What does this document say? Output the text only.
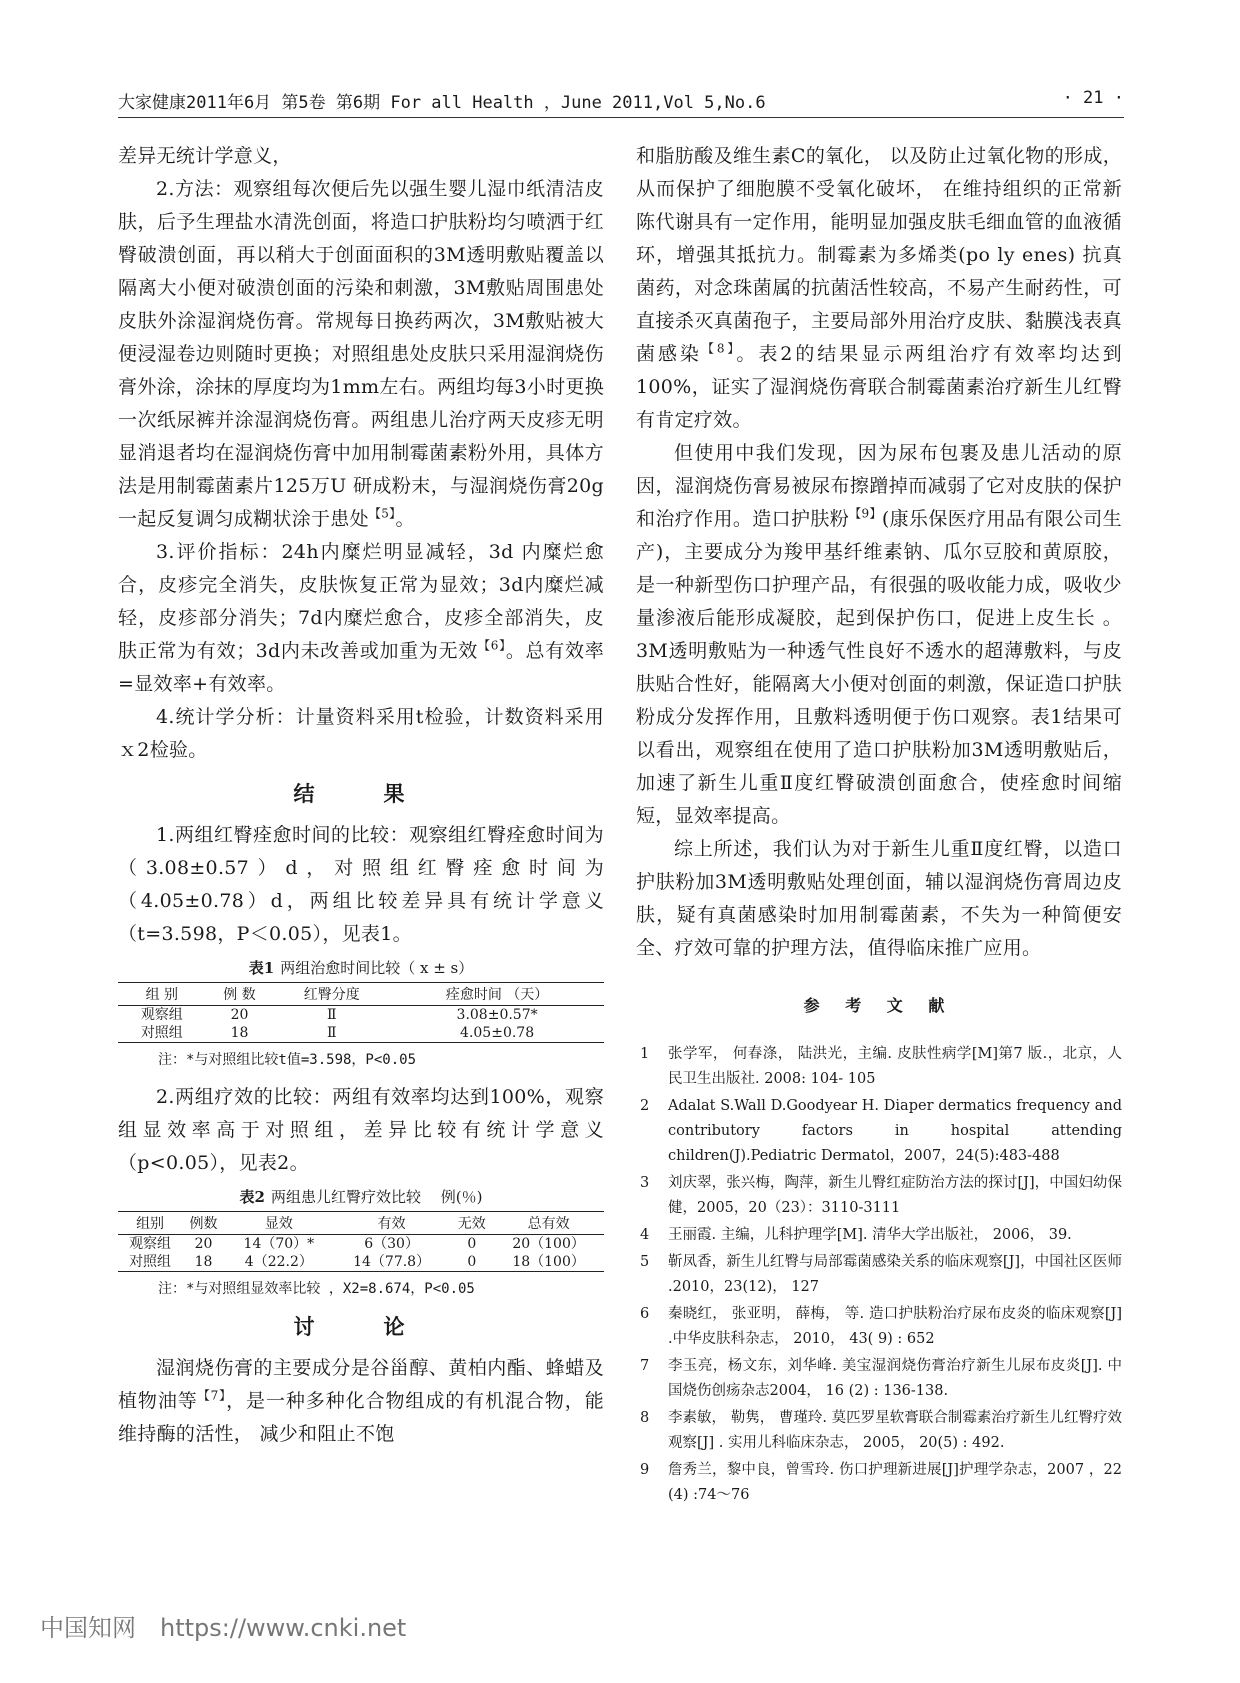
大家健康2011年6月 第5卷 第6期 For all Health ，June 2011,Vol 5,No.6	· 21 ·

差异无统计学意义，

2.方法：观察组每次便后先以强生婴儿湿巾纸清洁皮肤，后予生理盐水清洗创面，将造口护肤粉均匀喷洒于红臀破溃创面，再以稍大于创面面积的3M透明敷贴覆盖以隔离大小便对破溃创面的污染和刺激，3M敷贴周围患处皮肤外涂湿润烧伤膏。常规每日换药两次，3M敷贴被大便浸湿卷边则随时更换；对照组患处皮肤只采用湿润烧伤膏外涂，涂抹的厚度均为1mm左右。两组均每3小时更换一次纸尿裤并涂湿润烧伤膏。两组患儿治疗两天皮疹无明显消退者均在湿润烧伤膏中加用制霉菌素粉外用，具体方法是用制霉菌素片125万U 研成粉末，与湿润烧伤膏20g一起反复调匀成糊状涂于患处$^{【5】}$。

3.评价指标：24h内糜烂明显减轻，3d 内糜烂愈合，皮疹完全消失，皮肤恢复正常为显效；3d内糜烂减轻，皮疹部分消失；7d内糜烂愈合，皮疹全部消失，皮肤正常为有效；3d内未改善或加重为无效$^{【6】}$。总有效率=显效率+有效率。

4.统计学分析：计量资料采用t检验，计数资料采用ｘ2检验。

结　果

1.两组红臀痊愈时间的比较：观察组红臀痊愈时间为（3.08±0.57）d，对照组红臀痊愈时间为（4.05±0.78）d，两组比较差异具有统计学意义（t=3.598，P＜0.05），见表1。

表1 两组治愈时间比较（ x ± s）
组 别	例 数	红臀分度	痊愈时间 （天）
观察组	20	Ⅱ	3.08±0.57*
对照组	18	Ⅱ	4.05±0.78
注：*与对照组比较t值=3.598，P<0.05

2.两组疗效的比较：两组有效率均达到100%，观察组显效率高于对照组，差异比较有统计学意义（p<0.05），见表2。

表2 两组患儿红臀疗效比较　 例(％)
组别	例数	显效	有效	无效	总有效
观察组	20	14（70）*	6（30）	0	20（100）
对照组	18	4（22.2）	14（77.8）	0	18（100）
注：*与对照组显效率比较 ，X2=8.674，P<0.05
讨　论

湿润烧伤膏的主要成分是谷甾醇、黄柏内酯、蜂蜡及植物油等$^{【7】}$，是一种多种化合物组成的有机混合物，能维持酶的活性， 减少和阻止不饱

和脂肪酸及维生素C的氧化， 以及防止过氧化物的形成，从而保护了细胞膜不受氧化破坏， 在维持组织的正常新陈代谢具有一定作用，能明显加强皮肤毛细血管的血液循环，增强其抵抗力。制霉素为多烯类(po ly enes) 抗真菌药，对念珠菌属的抗菌活性较高，不易产生耐药性，可直接杀灭真菌孢子，主要局部外用治疗皮肤、黏膜浅表真菌感染$^{【8】}$。表2的结果显示两组治疗有效率均达到100%，证实了湿润烧伤膏联合制霉菌素治疗新生儿红臀有肯定疗效。

但使用中我们发现，因为尿布包裹及患儿活动的原因，湿润烧伤膏易被尿布擦蹭掉而减弱了它对皮肤的保护和治疗作用。造口护肤粉$^{【9】}$(康乐保医疗用品有限公司生产)，主要成分为羧甲基纤维素钠、瓜尔豆胶和黄原胶，是一种新型伤口护理产品，有很强的吸收能力成，吸收少量渗液后能形成凝胶，起到保护伤口，促进上皮生长 。3M透明敷贴为一种透气性良好不透水的超薄敷料，与皮肤贴合性好，能隔离大小便对创面的刺激，保证造口护肤粉成分发挥作用，且敷料透明便于伤口观察。表1结果可以看出，观察组在使用了造口护肤粉加3M透明敷贴后，加速了新生儿重Ⅱ度红臀破溃创面愈合，使痊愈时间缩短，显效率提高。

综上所述，我们认为对于新生儿重Ⅱ度红臀，以造口护肤粉加3M透明敷贴处理创面，辅以湿润烧伤膏周边皮肤，疑有真菌感染时加用制霉菌素，不失为一种简便安全、疗效可靠的护理方法，值得临床推广应用。

参 考 文 献
1 张学军， 何春涤， 陆洪光，主编. 皮肤性病学[M]第7 版.，北京，人民卫生出版社. 2008: 104- 105
2 Adalat S.Wall D.Goodyear H. Diaper dermatics frequency and contributory factors in hospital attending children(J).Pediatric Dermatol，2007，24(5):483-488
3 刘庆翠，张兴梅，陶萍，新生儿臀红症防治方法的探讨[J]，中国妇幼保健，2005，20（23）：3110-3111
4 王丽霞. 主编，儿科护理学[M]. 清华大学出版社， 2006， 39.
5 靳凤香，新生儿红臀与局部霉菌感染关系的临床观察[J]，中国社区医师 .2010，23(12)， 127
6 秦晓红， 张亚明， 薛梅， 等. 造口护肤粉治疗尿布皮炎的临床观察[J] .中华皮肤科杂志， 2010， 43( 9) : 652
7 李玉亮，杨文东，刘华峰. 美宝湿润烧伤膏治疗新生儿尿布皮炎[J]. 中国烧伤创疡杂志2004， 16 (2) : 136-138.
8 李素敏， 勒隽， 曹瑾玲. 莫匹罗星软膏联合制霉素治疗新生儿红臀疗效观察[J] . 实用儿科临床杂志， 2005， 20(5) : 492.
9 詹秀兰，黎中良，曾雪玲. 伤口护理新进展[J]护理学杂志，2007 ，22 (4) :74～76
中国知网 https://www.cnki.net
